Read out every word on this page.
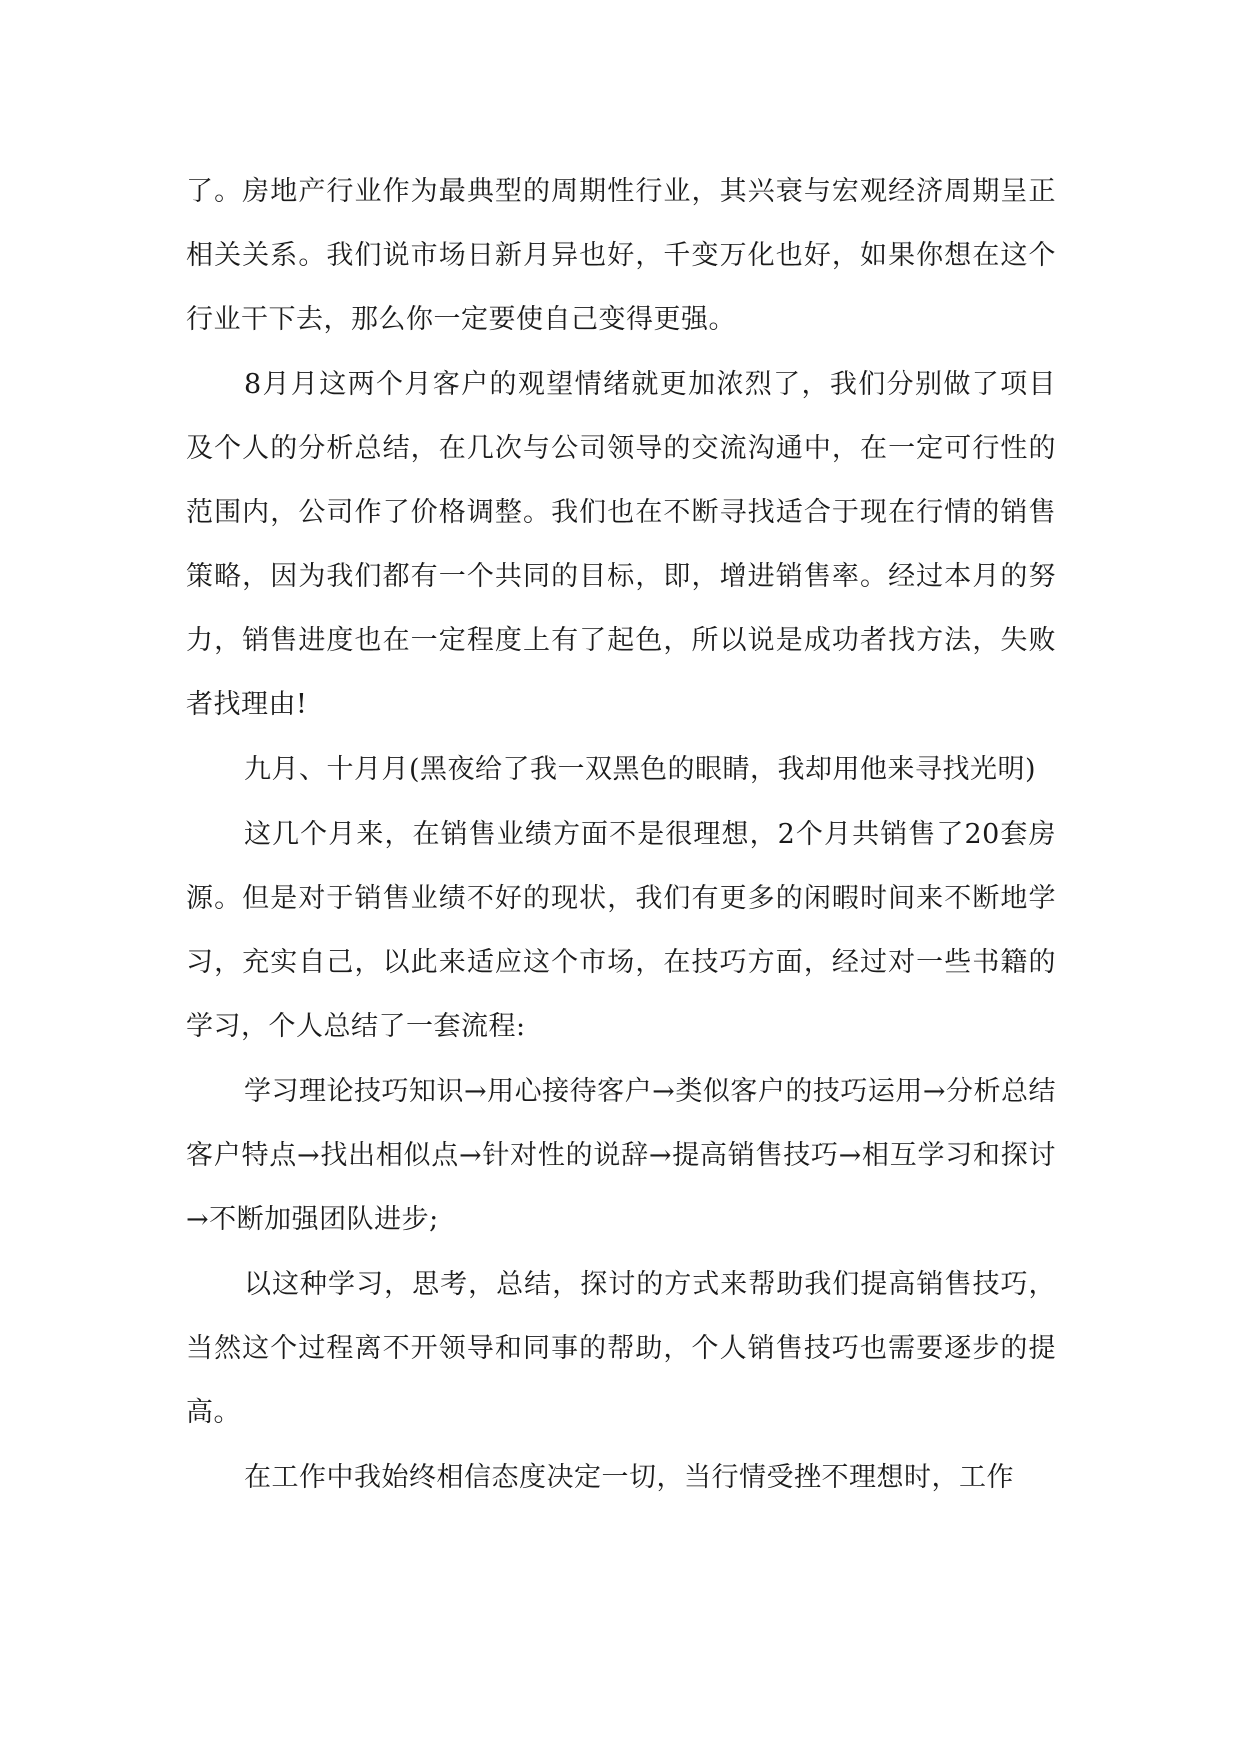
了。房地产行业作为最典型的周期性行业，其兴衰与宏观经济周期呈正相关关系。我们说市场日新月异也好，千变万化也好，如果你想在这个行业干下去，那么你一定要使自己变得更强。

8月月这两个月客户的观望情绪就更加浓烈了，我们分别做了项目及个人的分析总结，在几次与公司领导的交流沟通中，在一定可行性的范围内，公司作了价格调整。我们也在不断寻找适合于现在行情的销售策略，因为我们都有一个共同的目标，即，增进销售率。经过本月的努力，销售进度也在一定程度上有了起色，所以说是成功者找方法，失败者找理由!

九月、十月月(黑夜给了我一双黑色的眼睛，我却用他来寻找光明)

这几个月来，在销售业绩方面不是很理想，2个月共销售了20套房源。但是对于销售业绩不好的现状，我们有更多的闲暇时间来不断地学习，充实自己，以此来适应这个市场，在技巧方面，经过对一些书籍的学习，个人总结了一套流程:

学习理论技巧知识→用心接待客户→类似客户的技巧运用→分析总结客户特点→找出相似点→针对性的说辞→提高销售技巧→相互学习和探讨→不断加强团队进步;

以这种学习，思考，总结，探讨的方式来帮助我们提高销售技巧，当然这个过程离不开领导和同事的帮助，个人销售技巧也需要逐步的提高。

在工作中我始终相信态度决定一切，当行情受挫不理想时，工作
